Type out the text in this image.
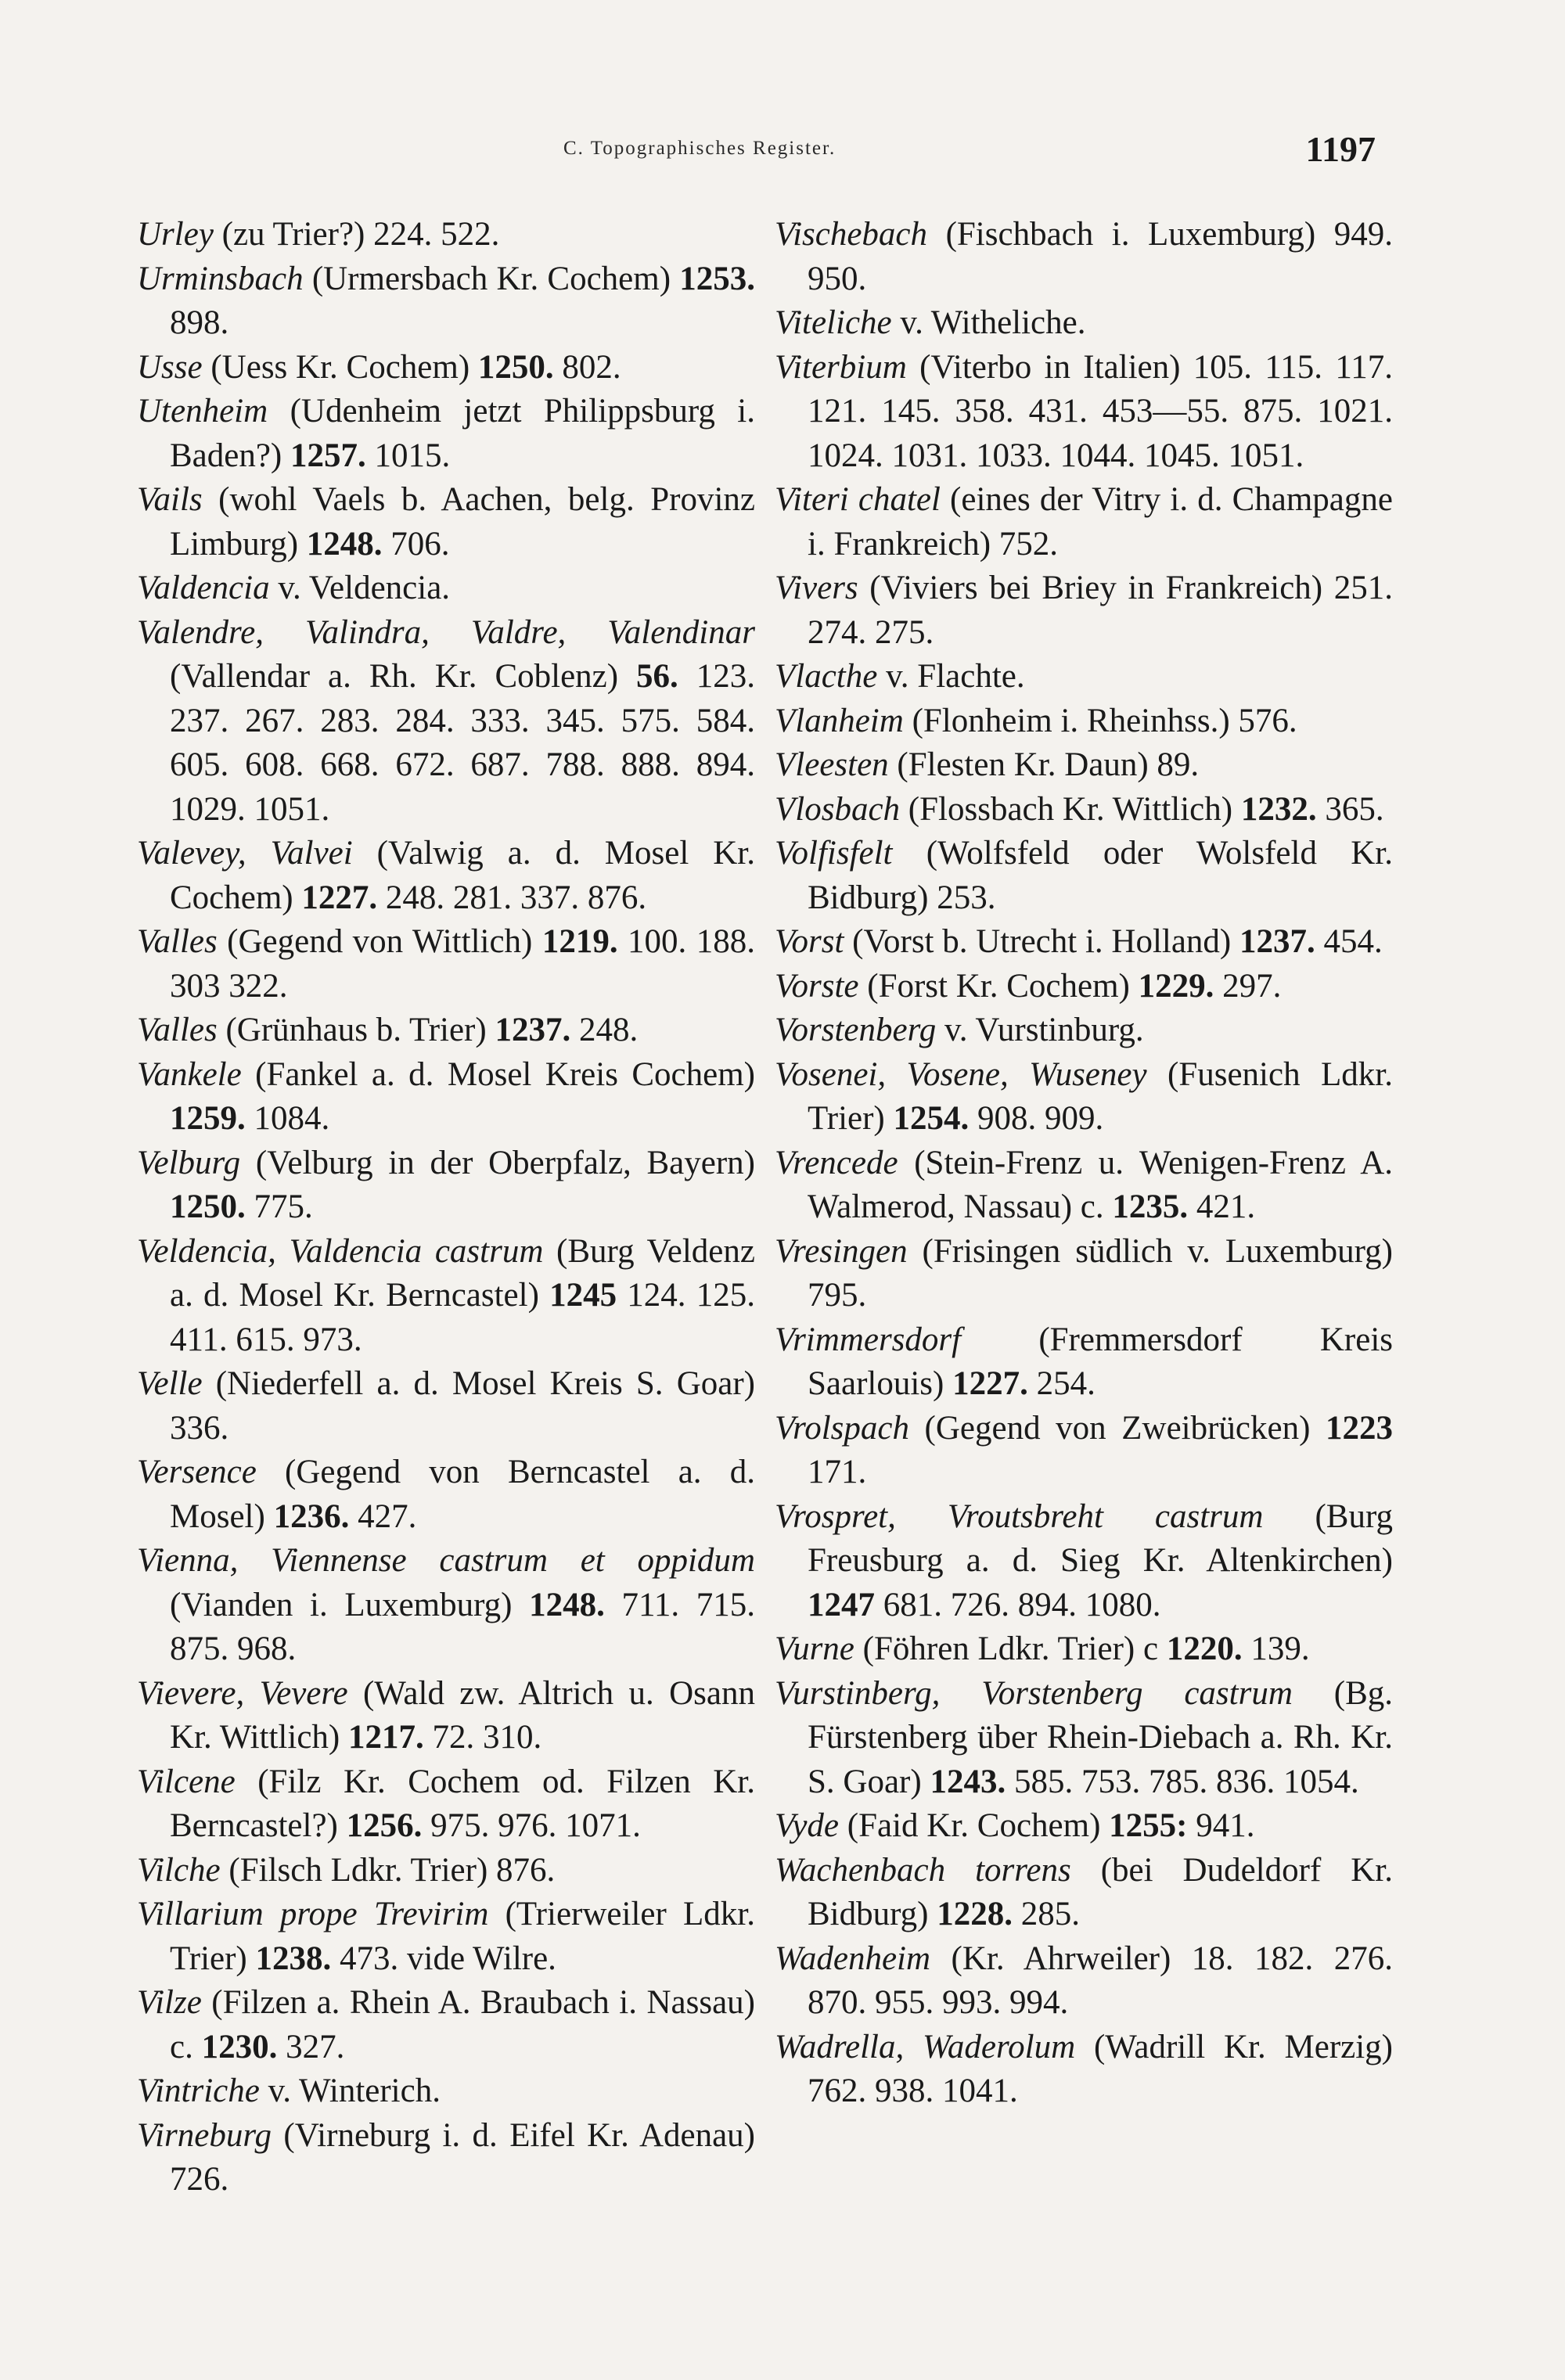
C. Topographisches Register.	1197

Urley (zu Trier?) 224. 522.

Urminsbach (Urmersbach Kr. Cochem) 1253. 898.

Usse (Uess Kr. Cochem) 1250. 802.

Utenheim (Udenheim jetzt Philippsburg i. Baden?) 1257. 1015.

Vails (wohl Vaels b. Aachen, belg. Provinz Limburg) 1248. 706.

Valdencia v. Veldencia.

Valendre, Valindra, Valdre, Valendinar (Vallendar a. Rh. Kr. Coblenz) 56. 123. 237. 267. 283. 284. 333. 345. 575. 584. 605. 608. 668. 672. 687. 788. 888. 894. 1029. 1051.

Valevey, Valvei (Valwig a. d. Mosel Kr. Cochem) 1227. 248. 281. 337. 876.

Valles (Gegend von Wittlich) 1219. 100. 188. 303 322.

Valles (Grünhaus b. Trier) 1237. 248.

Vankele (Fankel a. d. Mosel Kreis Cochem) 1259. 1084.

Velburg (Velburg in der Oberpfalz, Bayern) 1250. 775.

Veldencia, Valdencia castrum (Burg Veldenz a. d. Mosel Kr. Berncastel) 1245 124. 125. 411. 615. 973.

Velle (Niederfell a. d. Mosel Kreis S. Goar) 336.

Versence (Gegend von Berncastel a. d. Mosel) 1236. 427.

Vienna, Viennense castrum et oppidum (Vianden i. Luxemburg) 1248. 711. 715. 875. 968.

Vievere, Vevere (Wald zw. Altrich u. Osann Kr. Wittlich) 1217. 72. 310.

Vilcene (Filz Kr. Cochem od. Filzen Kr. Berncastel?) 1256. 975. 976. 1071.

Vilche (Filsch Ldkr. Trier) 876.

Villarium prope Trevirim (Trierweiler Ldkr. Trier) 1238. 473. vide Wilre.

Vilze (Filzen a. Rhein A. Braubach i. Nassau) c. 1230. 327.

Vintriche v. Winterich.

Virneburg (Virneburg i. d. Eifel Kr. Adenau) 726.

Vischebach (Fischbach i. Luxemburg) 949. 950.

Viteliche v. Witheliche.

Viterbium (Viterbo in Italien) 105. 115. 117. 121. 145. 358. 431. 453—55. 875. 1021. 1024. 1031. 1033. 1044. 1045. 1051.

Viteri chatel (eines der Vitry i. d. Champagne i. Frankreich) 752.

Vivers (Viviers bei Briey in Frankreich) 251. 274. 275.

Vlacthe v. Flachte.

Vlanheim (Flonheim i. Rheinhss.) 576.

Vleesten (Flesten Kr. Daun) 89.

Vlosbach (Flossbach Kr. Wittlich) 1232. 365.

Volfisfelt (Wolfsfeld oder Wolsfeld Kr. Bidburg) 253.

Vorst (Vorst b. Utrecht i. Holland) 1237. 454.

Vorste (Forst Kr. Cochem) 1229. 297.

Vorstenberg v. Vurstinburg.

Vosenei, Vosene, Wuseney (Fusenich Ldkr. Trier) 1254. 908. 909.

Vrencede (Stein-Frenz u. Wenigen-Frenz A. Walmerod, Nassau) c. 1235. 421.

Vresingen (Frisingen südlich v. Luxemburg) 795.

Vrimmersdorf (Fremmersdorf Kreis Saarlouis) 1227. 254.

Vrolspach (Gegend von Zweibrücken) 1223 171.

Vrospret, Vroutsbreht castrum (Burg Freusburg a. d. Sieg Kr. Altenkirchen) 1247 681. 726. 894. 1080.

Vurne (Föhren Ldkr. Trier) c 1220. 139.

Vurstinberg, Vorstenberg castrum (Bg. Fürstenberg über Rhein-Diebach a. Rh. Kr. S. Goar) 1243. 585. 753. 785. 836. 1054.

Vyde (Faid Kr. Cochem) 1255: 941.

Wachenbach torrens (bei Dudeldorf Kr. Bidburg) 1228. 285.

Wadenheim (Kr. Ahrweiler) 18. 182. 276. 870. 955. 993. 994.

Wadrella, Waderolum (Wadrill Kr. Merzig) 762. 938. 1041.
